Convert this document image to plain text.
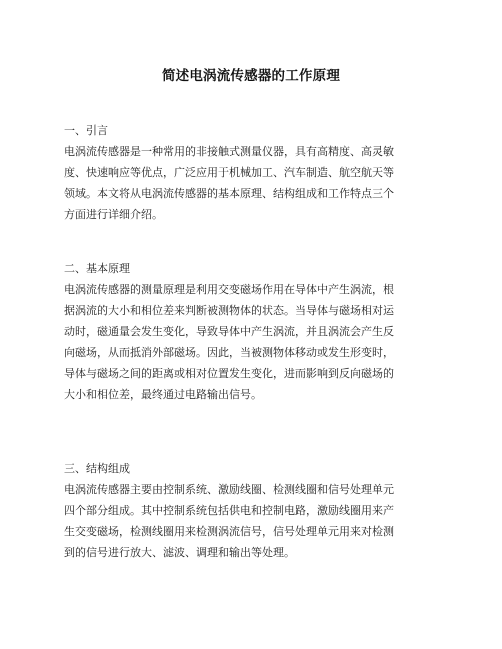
简述电涡流传感器的工作原理
一、引言
电涡流传感器是一种常用的非接触式测量仪器，具有高精度、高灵敏
度、快速响应等优点，广泛应用于机械加工、汽车制造、航空航天等
领域。本文将从电涡流传感器的基本原理、结构组成和工作特点三个
方面进行详细介绍。
二、基本原理
电涡流传感器的测量原理是利用交变磁场作用在导体中产生涡流，根
据涡流的大小和相位差来判断被测物体的状态。当导体与磁场相对运
动时，磁通量会发生变化，导致导体中产生涡流，并且涡流会产生反
向磁场，从而抵消外部磁场。因此，当被测物体移动或发生形变时，
导体与磁场之间的距离或相对位置发生变化，进而影响到反向磁场的
大小和相位差，最终通过电路输出信号。
三、结构组成
电涡流传感器主要由控制系统、激励线圈、检测线圈和信号处理单元
四个部分组成。其中控制系统包括供电和控制电路，激励线圈用来产
生交变磁场，检测线圈用来检测涡流信号，信号处理单元用来对检测
到的信号进行放大、滤波、调理和输出等处理。
